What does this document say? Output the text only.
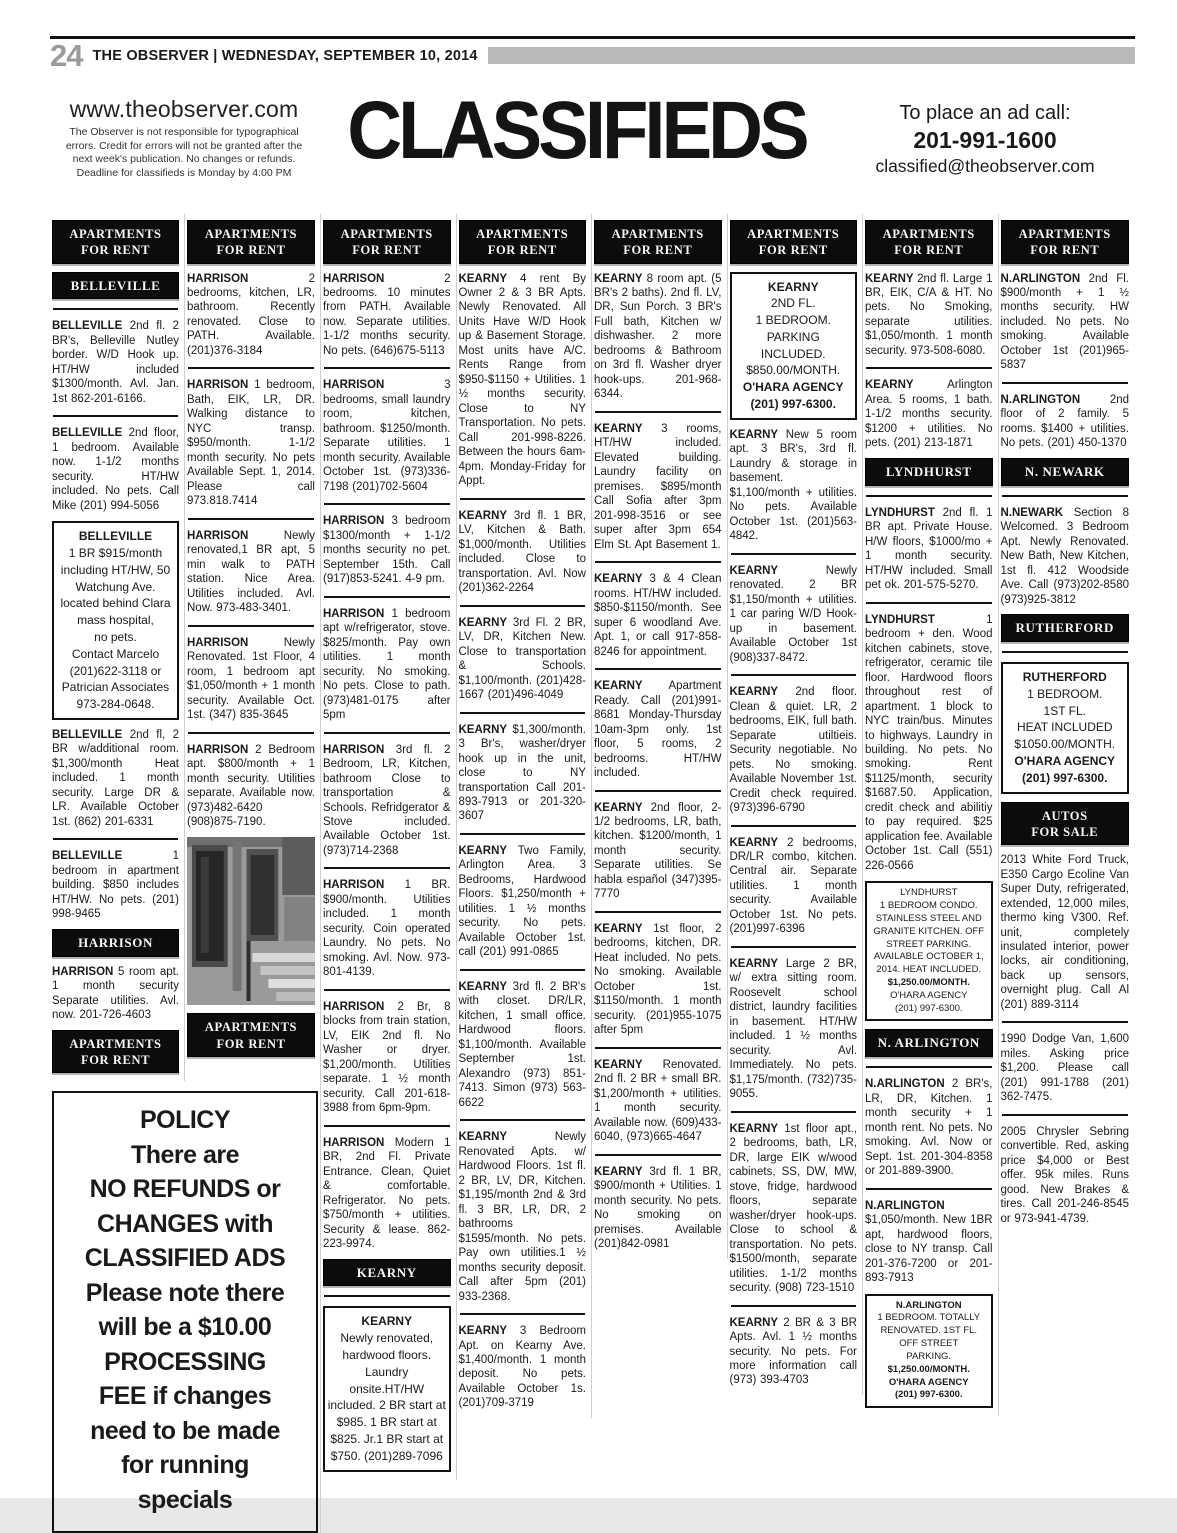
24 THE OBSERVER | WEDNESDAY, SEPTEMBER 10, 2014
www.theobserver.com
The Observer is not responsible for typographical errors. Credit for errors will not be granted after the next week's publication. No changes or refunds. Deadline for classifieds is Monday by 4:00 PM CLASSIFIEDS	To place an ad call:
201-991-1600
classified@theobserver.com
APARTMENTS
FOR RENT
BELLEVILLE
BELLEVILLE 2nd fl. 2 BR's, Belleville Nutley border. W/D Hook up. HT/HW included $1300/month. Avl. Jan. 1st 862-201-6166.
BELLEVILLE 2nd floor, 1 bedroom. Available now. 1-1/2 months security. HT/HW included. No pets. Call Mike (201) 994-5056
BELLEVILLE
1 BR $915/month
including HT/HW, 50
Watchung Ave.
located behind Clara
mass hospital,
no pets.
Contact Marcelo
(201)622-3118 or
Patrician Associates
973-284-0648.
BELLEVILLE 2nd fl, 2 BR w/additional room. $1,300/month Heat included. 1 month security. Large DR & LR. Available October 1st. (862) 201-6331
BELLEVILLE 1 bedroom in apartment building. $850 includes HT/HW. No pets. (201) 998-9465
HARRISON
HARRISON 5 room apt. 1 month security Separate utilities. Avl. now. 201-726-4603
APARTMENTS
FOR RENT
APARTMENTS
FOR RENT
HARRISON 2 bedrooms, kitchen, LR, bathroom. Recently renovated. Close to PATH. Available. (201)376-3184
HARRISON 1 bedroom, Bath, EIK, LR, DR. Walking distance to NYC transp. $950/month. 1-1/2 month security. No pets Available Sept. 1, 2014. Please call 973.818.7414
HARRISON Newly renovated,1 BR apt, 5 min walk to PATH station. Nice Area. Utilities included. Avl. Now. 973-483-3401.
HARRISON Newly Renovated. 1st Floor, 4 room, 1 bedroom apt $1,050/month + 1 month security. Available Oct. 1st. (347) 835-3645
HARRISON 2 Bedroom apt. $800/month + 1 month security. Utilities separate. Available now. (973)482-6420 (908)875-7190.
APARTMENTS
FOR RENT
POLICY
There are
NO REFUNDS or
CHANGES with
CLASSIFIED ADS
Please note there
will be a $10.00
PROCESSING
FEE if changes
need to be made
for running
specials
APARTMENTS
FOR RENT
HARRISON 2 bedrooms. 10 minutes from PATH. Available now. Separate utilities. 1-1/2 months security. No pets. (646)675-5113
HARRISON 3 bedrooms, small laundry room, kitchen, bathroom. $1250/month. Separate utilities. 1 month security. Available October 1st. (973)336-7198 (201)702-5604
HARRISON 3 bedroom $1300/month + 1-1/2 months security no pet. September 15th. Call (917)853-5241. 4-9 pm.
HARRISON 1 bedroom apt w/refrigerator, stove. $825/month. Pay own utilities. 1 month security. No smoking. No pets. Close to path. (973)481-0175 after 5pm
HARRISON 3rd fl. 2 Bedroom, LR, Kitchen, bathroom Close to transportation & Schools. Refridgerator & Stove included. Available October 1st. (973)714-2368
HARRISON 1 BR. $900/month. Utilities included. 1 month security. Coin operated Laundry. No pets. No smoking. Avl. Now. 973-801-4139.
HARRISON 2 Br, 8 blocks from train station, LV, EIK 2nd fl. No Washer or dryer. $1,200/month. Utilities separate. 1 ½ month security. Call 201-618-3988 from 6pm-9pm.
HARRISON Modern 1 BR, 2nd Fl. Private Entrance. Clean, Quiet & comfortable. Refrigerator. No pets. $750/month + utilities. Security & lease. 862-223-9974.
KEARNY
KEARNY
Newly renovated,
hardwood floors.
Laundry onsite.HT/HW
included. 2 BR start at
$985. 1 BR start at
$825. Jr.1 BR start at
$750. (201)289-7096
APARTMENTS
FOR RENT
KEARNY 4 rent By Owner 2 & 3 BR Apts. Newly Renovated. All Units Have W/D Hook up & Basement Storage. Most units have A/C. Rents Range from $950-$1150 + Utilities. 1 ½ months security. Close to NY Transportation. No pets. Call 201-998-8226. Between the hours 6am-4pm. Monday-Friday for Appt.
KEARNY 3rd fl. 1 BR, LV, Kitchen & Bath. $1,000/month. Utilities included. Close to transportation. Avl. Now (201)362-2264
KEARNY 3rd Fl. 2 BR, LV, DR, Kitchen New. Close to transportation & Schools. $1,100/month. (201)428-1667 (201)496-4049
KEARNY $1,300/month. 3 Br's, washer/dryer hook up in the unit, close to NY transportation Call 201-893-7913 or 201-320-3607
KEARNY Two Family, Arlington Area. 3 Bedrooms, Hardwood Floors. $1,250/month + utilities. 1 ½ months security. No pets. Available October 1st. call (201) 991-0865
KEARNY 3rd fl. 2 BR's with closet. DR/LR, kitchen, 1 small office. Hardwood floors. $1,100/month. Available September 1st. Alexandro (973) 851-7413. Simon (973) 563-6622
KEARNY Newly Renovated Apts. w/ Hardwood Floors. 1st fl. 2 BR, LV, DR, Kitchen. $1,195/month 2nd & 3rd fl. 3 BR, LR, DR, 2 bathrooms $1595/month. No pets. Pay own utilities.1 ½ months security deposit. Call after 5pm (201) 933-2368.
KEARNY 3 Bedroom Apt. on Kearny Ave. $1,400/month. 1 month deposit. No pets. Available October 1s. (201)709-3719
APARTMENTS
FOR RENT
KEARNY 8 room apt. (5 BR's 2 baths). 2nd fl. LV, DR, Sun Porch. 3 BR's Full bath, Kitchen w/ dishwasher. 2 more bedrooms & Bathroom on 3rd fl. Washer dryer hook-ups. 201-968-6344.
KEARNY 3 rooms, HT/HW included. Elevated building. Laundry facility on premises. $895/month Call Sofia after 3pm 201-998-3516 or see super after 3pm 654 Elm St. Apt Basement 1.
KEARNY 3 & 4 Clean rooms. HT/HW included. $850-$1150/month. See super 6 woodland Ave. Apt. 1, or call 917-858-8246 for appointment.
KEARNY Apartment Ready. Call (201)991-8681 Monday-Thursday 10am-3pm only. 1st floor, 5 rooms, 2 bedrooms. HT/HW included.
KEARNY 2nd floor, 2-1/2 bedrooms, LR, bath, kitchen. $1200/month, 1 month security. Separate utilities. Se habla español (347)395-7770
KEARNY 1st floor, 2 bedrooms, kitchen, DR. Heat included. No pets. No smoking. Available October 1st. $1150/month. 1 month security. (201)955-1075 after 5pm
KEARNY Renovated. 2nd fl. 2 BR + small BR. $1,200/month + utilities. 1 month security. Available now. (609)433-6040, (973)665-4647
KEARNY 3rd fl. 1 BR, $900/month + Utilities. 1 month security. No pets. No smoking on premises. Available (201)842-0981
APARTMENTS
FOR RENT
KEARNY
2ND FL.
1 BEDROOM.
PARKING INCLUDED.
$850.00/MONTH.
O'HARA AGENCY
(201) 997-6300.
KEARNY New 5 room apt. 3 BR's, 3rd fl. Laundry & storage in basement. $1,100/month + utilities. No pets. Available October 1st. (201)563-4842.
KEARNY Newly renovated. 2 BR $1,150/month + utilities. 1 car paring W/D Hook-up in basement. Available October 1st (908)337-8472.
KEARNY 2nd floor. Clean & quiet. LR, 2 bedrooms, EIK, full bath. Separate utiltieis. Security negotiable. No pets. No smoking. Available November 1st. Credit check required. (973)396-6790
KEARNY 2 bedrooms, DR/LR combo, kitchen. Central air. Separate utilities. 1 month security. Available October 1st. No pets. (201)997-6396
KEARNY Large 2 BR, w/ extra sitting room. Roosevelt school district, laundry facilities in basement. HT/HW included. 1 ½ months security. Avl. Immediately. No pets. $1,175/month. (732)735-9055.
KEARNY 1st floor apt., 2 bedrooms, bath, LR, DR, large EIK w/wood cabinets, SS, DW, MW, stove, fridge, hardwood floors, separate washer/dryer hook-ups. Close to school & transportation. No pets. $1500/month, separate utilities. 1-1/2 months security. (908) 723-1510
KEARNY 2 BR & 3 BR Apts. Avl. 1 ½ months security. No pets. For more information call (973) 393-4703
APARTMENTS
FOR RENT
KEARNY 2nd fl. Large 1 BR, EIK, C/A & HT. No pets. No Smoking, separate utilities. $1,050/month. 1 month security. 973-508-6080.
KEARNY Arlington Area. 5 rooms, 1 bath. 1-1/2 months security. $1200 + utilities. No pets. (201) 213-1871
LYNDHURST
LYNDHURST 2nd fl. 1 BR apt. Private House. H/W floors, $1000/mo + 1 month security. HT/HW included. Small pet ok. 201-575-5270.
LYNDHURST 1 bedroom + den. Wood kitchen cabinets, stove, refrigerator, ceramic tile floor. Hardwood floors throughout rest of apartment. 1 block to NYC train/bus. Minutes to highways. Laundry in building. No pets. No smoking. Rent $1125/month, security $1687.50. Application, credit check and abilitiy to pay required. $25 application fee. Available October 1st. Call (551) 226-0566
LYNDHURST
1 BEDROOM CONDO.
STAINLESS STEEL AND
GRANITE KITCHEN. OFF
STREET PARKING.
AVAILABLE OCTOBER 1,
2014. HEAT INCLUDED.
$1,250.00/MONTH.
O'HARA AGENCY
(201) 997-6300.
N. ARLINGTON
N.ARLINGTON 2 BR's, LR, DR, Kitchen. 1 month security + 1 month rent. No pets. No smoking. Avl. Now or Sept. 1st. 201-304-8358 or 201-889-3900.
N.ARLINGTON $1,050/month. New 1BR apt, hardwood floors, close to NY transp. Call 201-376-7200 or 201-893-7913
N.ARLINGTON
1 BEDROOM. TOTALLY
RENOVATED. 1ST FL.
OFF STREET
PARKING.
$1,250.00/MONTH.
O'HARA AGENCY
(201) 997-6300.
APARTMENTS
FOR RENT
N.ARLINGTON 2nd Fl. $900/month + 1 ½ months security. HW included. No pets. No smoking. Available October 1st (201)965-5837
N.ARLINGTON 2nd floor of 2 family. 5 rooms. $1400 + utilities. No pets. (201) 450-1370
N. NEWARK
N.NEWARK Section 8 Welcomed. 3 Bedroom Apt. Newly Renovated. New Bath, New Kitchen, 1st fl. 412 Woodside Ave. Call (973)202-8580 (973)925-3812
RUTHERFORD
RUTHERFORD
1 BEDROOM.
1ST FL.
HEAT INCLUDED
$1050.00/MONTH.
O'HARA AGENCY
(201) 997-6300.
AUTOS
FOR SALE
2013 White Ford Truck, E350 Cargo Ecoline Van Super Duty, refrigerated, extended, 12,000 miles, thermo king V300. Ref. unit, completely insulated interior, power locks, air conditioning, back up sensors, overnight plug. Call Al (201) 889-3114
1990 Dodge Van, 1,600 miles. Asking price $1,200. Please call (201) 991-1788 (201) 362-7475.
2005 Chrysler Sebring convertible. Red, asking price $4,000 or Best offer. 95k miles. Runs good. New Brakes & tires. Call 201-246-8545 or 973-941-4739.
